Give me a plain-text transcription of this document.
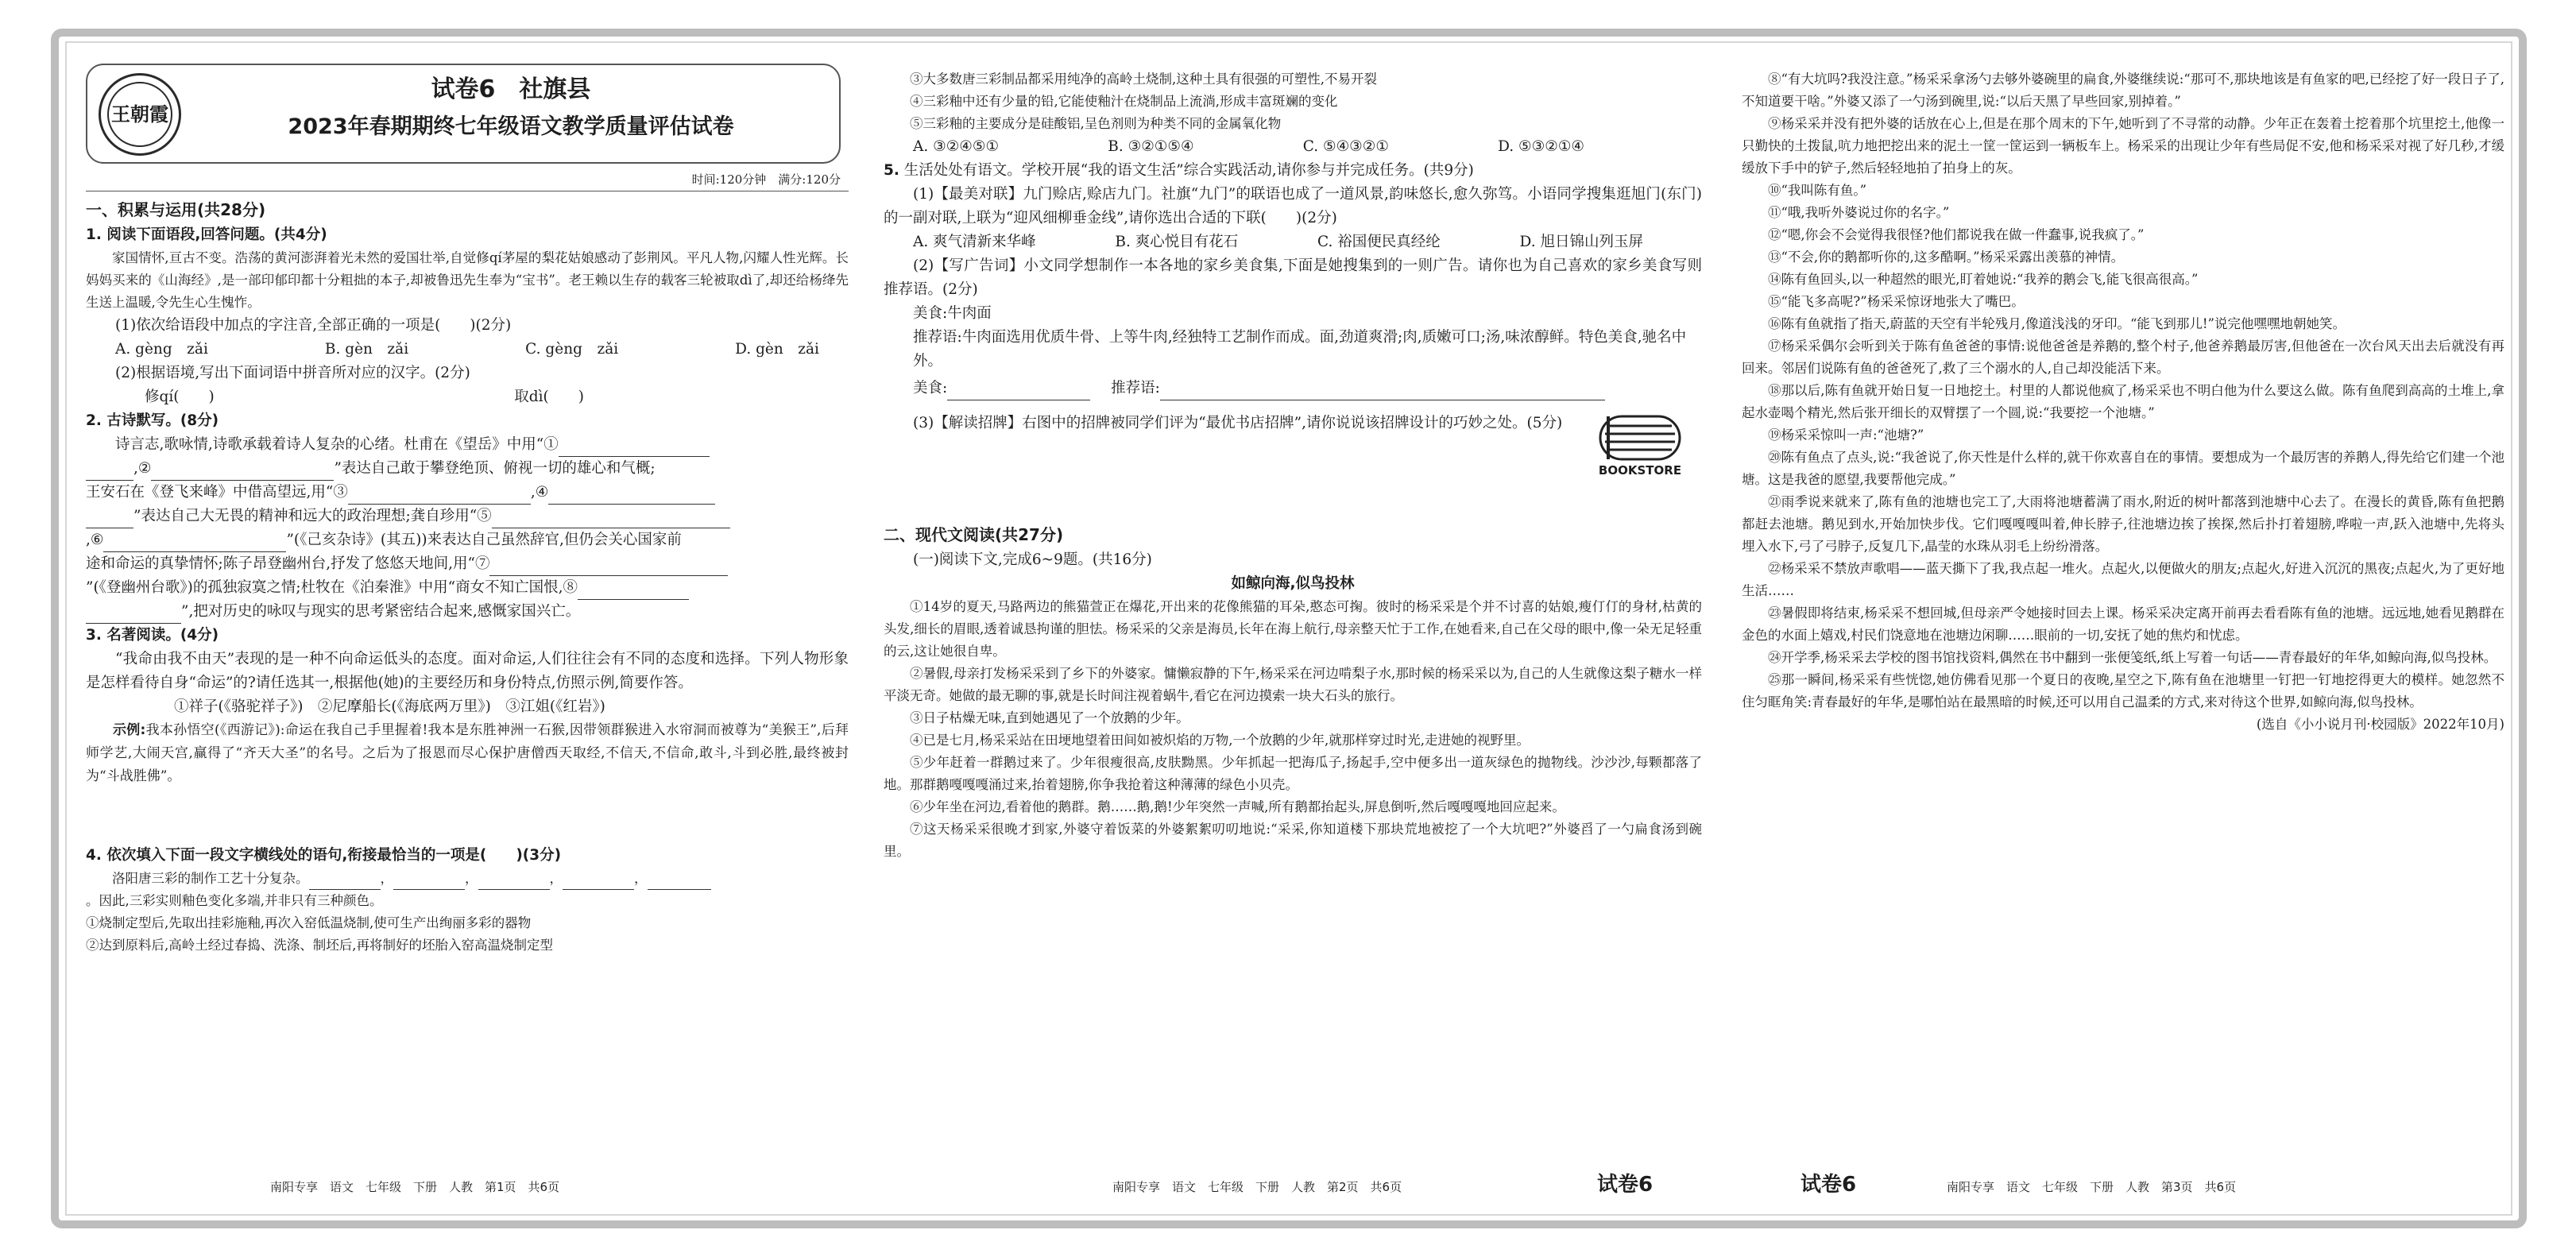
王朝霞
试卷6　社旗县
2023年春期期终七年级语文教学质量评估试卷
时间:120分钟　满分:120分
一、积累与运用(共28分)
1. 阅读下面语段,回答问题。(共4分)

家国情怀,亘古不变。浩荡的黄河澎湃着光未然的爱国壮举,自觉修qí茅屋的梨花姑娘感动了彭荆风。平凡人物,闪耀人性光辉。长妈妈买来的《山海经》,是一部印郁印都十分粗拙的本子,却被鲁迅先生奉为“宝书”。老王赖以生存的载客三轮被取dì了,却还给杨绛先生送上温暖,令先生心生愧怍。

(1)依次给语段中加点的字注音,全部正确的一项是(　　)(2分)
A. gèng　zǎi	B. gèn　zǎi	C. gèng　zǎi	D. gèn　zǎi
(2)根据语境,写出下面词语中拼音所对应的汉字。(2分)
修qí(　　)	取dì(　　)
2. 古诗默写。(8分)
诗言志,歌咏情,诗歌承载着诗人复杂的心绪。杜甫在《望岳》中用“①
,②	”表达自己敢于攀登绝顶、俯视一切的雄心和气概;
王安石在《登飞来峰》中借高望远,用“③	,④
”表达自己大无畏的精神和远大的政治理想;龚自珍用“⑤
,⑥	”(《己亥杂诗》(其五))来表达自己虽然辞官,但仍会关心国家前
途和命运的真挚情怀;陈子昂登幽州台,抒发了悠悠天地间,用“⑦
”(《登幽州台歌》)的孤独寂寞之情;杜牧在《泊秦淮》中用“商女不知亡国恨,⑧
”,把对历史的咏叹与现实的思考紧密结合起来,感慨家国兴亡。
3. 名著阅读。(4分)

“我命由我不由天”表现的是一种不向命运低头的态度。面对命运,人们往往会有不同的态度和选择。下列人物形象是怎样看待自身“命运”的?请任选其一,根据他(她)的主要经历和身份特点,仿照示例,简要作答。

①祥子(《骆驼祥子》)　②尼摩船长(《海底两万里》)　③江姐(《红岩》)

示例:我本孙悟空(《西游记》):命运在我自己手里握着!我本是东胜神洲一石猴,因带领群猴进入水帘洞而被尊为“美猴王”,后拜师学艺,大闹天宫,赢得了“齐天大圣”的名号。之后为了报恩而尽心保护唐僧西天取经,不信天,不信命,敢斗,斗到必胜,最终被封为“斗战胜佛”。

4. 依次填入下面一段文字横线处的语句,衔接最恰当的一项是(　　)(3分)
洛阳唐三彩的制作工艺十分复杂。	，	，	，	，
。因此,三彩实则釉色变化多端,并非只有三种颜色。
①烧制定型后,先取出挂彩施釉,再次入窑低温烧制,使可生产出绚丽多彩的器物
②达到原料后,高岭土经过春捣、洗涤、制坯后,再将制好的坯胎入窑高温烧制定型
南阳专享　语文　七年级　下册　人教　第1页　共6页
③大多数唐三彩制品都采用纯净的高岭土烧制,这种土具有很强的可塑性,不易开裂
④三彩釉中还有少量的铅,它能使釉汁在烧制品上流淌,形成丰富斑斓的变化
⑤三彩釉的主要成分是硅酸铝,呈色剂则为种类不同的金属氧化物
A. ③②④⑤①	B. ③②①⑤④	C. ⑤④③②①	D. ⑤③②①④
5. 生活处处有语文。学校开展“我的语文生活”综合实践活动,请你参与并完成任务。(共9分)

(1)【最美对联】九门赊店,赊店九门。社旗“九门”的联语也成了一道风景,韵味悠长,愈久弥笃。小语同学搜集逛旭门(东门)的一副对联,上联为“迎风细柳垂金线”,请你选出合适的下联(　　)(2分)

A. 爽气清新来华峰	B. 爽心悦目有花石	C. 裕国便民真经纶	D. 旭日锦山列玉屏

(2)【写广告词】小文同学想制作一本各地的家乡美食集,下面是她搜集到的一则广告。请你也为自己喜欢的家乡美食写则推荐语。(2分)

美食:牛肉面
推荐语:牛肉面选用优质牛骨、上等牛肉,经独特工艺制作而成。面,劲道爽滑;肉,质嫩可口;汤,味浓醇鲜。特色美食,驰名中外。
美食:	推荐语:
(3)【解读招牌】右图中的招牌被同学们评为“最优书店招牌”,请你说说该招牌设计的巧妙之处。(5分)
BOOKSTORE
二、现代文阅读(共27分)
(一)阅读下文,完成6~9题。(共16分)
如鲸向海,似鸟投林

①14岁的夏天,马路两边的熊猫萱正在爆花,开出来的花像熊猫的耳朵,憨态可掬。彼时的杨采采是个并不讨喜的姑娘,瘦仃仃的身材,枯黄的头发,细长的眉眼,透着诚恳拘谨的胆怯。杨采采的父亲是海员,长年在海上航行,母亲整天忙于工作,在她看来,自己在父母的眼中,像一朵无足轻重的云,这让她很自卑。

②暑假,母亲打发杨采采到了乡下的外婆家。慵懒寂静的下午,杨采采在河边啃梨子水,那时候的杨采采以为,自己的人生就像这梨子糖水一样平淡无奇。她做的最无聊的事,就是长时间注视着蜗牛,看它在河边摸索一块大石头的旅行。

③日子枯燥无味,直到她遇见了一个放鹅的少年。

④已是七月,杨采采站在田埂地望着田间如被炽焰的万物,一个放鹅的少年,就那样穿过时光,走进她的视野里。

⑤少年赶着一群鹅过来了。少年很瘦很高,皮肤黝黑。少年抓起一把海瓜子,扬起手,空中便多出一道灰绿色的抛物线。沙沙沙,每颗都落了地。那群鹅嘎嘎嘎涌过来,抬着翅膀,你争我抢着这种薄薄的绿色小贝壳。

⑥少年坐在河边,看着他的鹅群。鹅……鹅,鹅!少年突然一声喊,所有鹅都抬起头,屏息倒听,然后嘎嘎嘎地回应起来。

⑦这天杨采采很晚才到家,外婆守着饭菜的外婆絮絮叨叨地说:“采采,你知道楼下那块荒地被挖了一个大坑吧?”外婆舀了一勺扁食汤到碗里。

南阳专享　语文　七年级　下册　人教　第2页　共6页	试卷6

⑧“有大坑吗?我没注意。”杨采采拿汤勺去够外婆碗里的扁食,外婆继续说:“那可不,那块地该是有鱼家的吧,已经挖了好一段日子了,不知道要干啥。”外婆又添了一勺汤到碗里,说:“以后天黑了早些回家,别掉着。”

⑨杨采采并没有把外婆的话放在心上,但是在那个周末的下午,她听到了不寻常的动静。少年正在轰着土挖着那个坑里挖土,他像一只勤快的土拨鼠,吭力地把挖出来的泥土一筐一筐运到一辆板车上。杨采采的出现让少年有些局促不安,他和杨采采对视了好几秒,才缓缓放下手中的铲子,然后轻轻地拍了拍身上的灰。

⑩“我叫陈有鱼。”

⑪“哦,我听外婆说过你的名字。”

⑫“嗯,你会不会觉得我很怪?他们都说我在做一件蠢事,说我疯了。”

⑬“不会,你的鹅都听你的,这多酷啊。”杨采采露出羡慕的神情。

⑭陈有鱼回头,以一种超然的眼光,盯着她说:“我养的鹅会飞,能飞很高很高。”

⑮“能飞多高呢?”杨采采惊讶地张大了嘴巴。

⑯陈有鱼就指了指天,蔚蓝的天空有半轮残月,像道浅浅的牙印。“能飞到那儿!”说完他嘿嘿地朝她笑。

⑰杨采采偶尔会听到关于陈有鱼爸爸的事情:说他爸爸是养鹅的,整个村子,他爸养鹅最厉害,但他爸在一次台风天出去后就没有再回来。邻居们说陈有鱼的爸爸死了,救了三个溺水的人,自己却没能活下来。

⑱那以后,陈有鱼就开始日复一日地挖土。村里的人都说他疯了,杨采采也不明白他为什么要这么做。陈有鱼爬到高高的土堆上,拿起水壶喝个精光,然后张开细长的双臂摆了一个圆,说:“我要挖一个池塘。”

⑲杨采采惊叫一声:“池塘?”

⑳陈有鱼点了点头,说:“我爸说了,你天性是什么样的,就干你欢喜自在的事情。要想成为一个最厉害的养鹅人,得先给它们建一个池塘。这是我爸的愿望,我要帮他完成。”

㉑雨季说来就来了,陈有鱼的池塘也完工了,大雨将池塘蓄满了雨水,附近的树叶都落到池塘中心去了。在漫长的黄昏,陈有鱼把鹅都赶去池塘。鹅见到水,开始加快步伐。它们嘎嘎嘎叫着,伸长脖子,往池塘边挨了挨探,然后扑打着翅膀,哗啦一声,跃入池塘中,先将头埋入水下,弓了弓脖子,反复几下,晶莹的水珠从羽毛上纷纷滑落。

㉒杨采采不禁放声歌唱——蓝天撕下了我,我点起一堆火。点起火,以便做火的朋友;点起火,好进入沉沉的黑夜;点起火,为了更好地生活……

㉓暑假即将结束,杨采采不想回城,但母亲严令她接时回去上课。杨采采决定离开前再去看看陈有鱼的池塘。远远地,她看见鹅群在金色的水面上嬉戏,村民们饶意地在池塘边闲聊……眼前的一切,安抚了她的焦灼和忧虑。

㉔开学季,杨采采去学校的图书馆找资料,偶然在书中翻到一张便笺纸,纸上写着一句话——青春最好的年华,如鲸向海,似鸟投林。

㉕那一瞬间,杨采采有些恍惚,她仿佛看见那一个夏日的夜晚,星空之下,陈有鱼在池塘里一钉把一钉地挖得更大的模样。她忽然不住匀眶角笑:青春最好的年华,是哪怕站在最黑暗的时候,还可以用自己温柔的方式,来对待这个世界,如鲸向海,似鸟投林。

(选自《小小说月刊·校园版》2022年10月)
试卷6	南阳专享　语文　七年级　下册　人教　第3页　共6页
